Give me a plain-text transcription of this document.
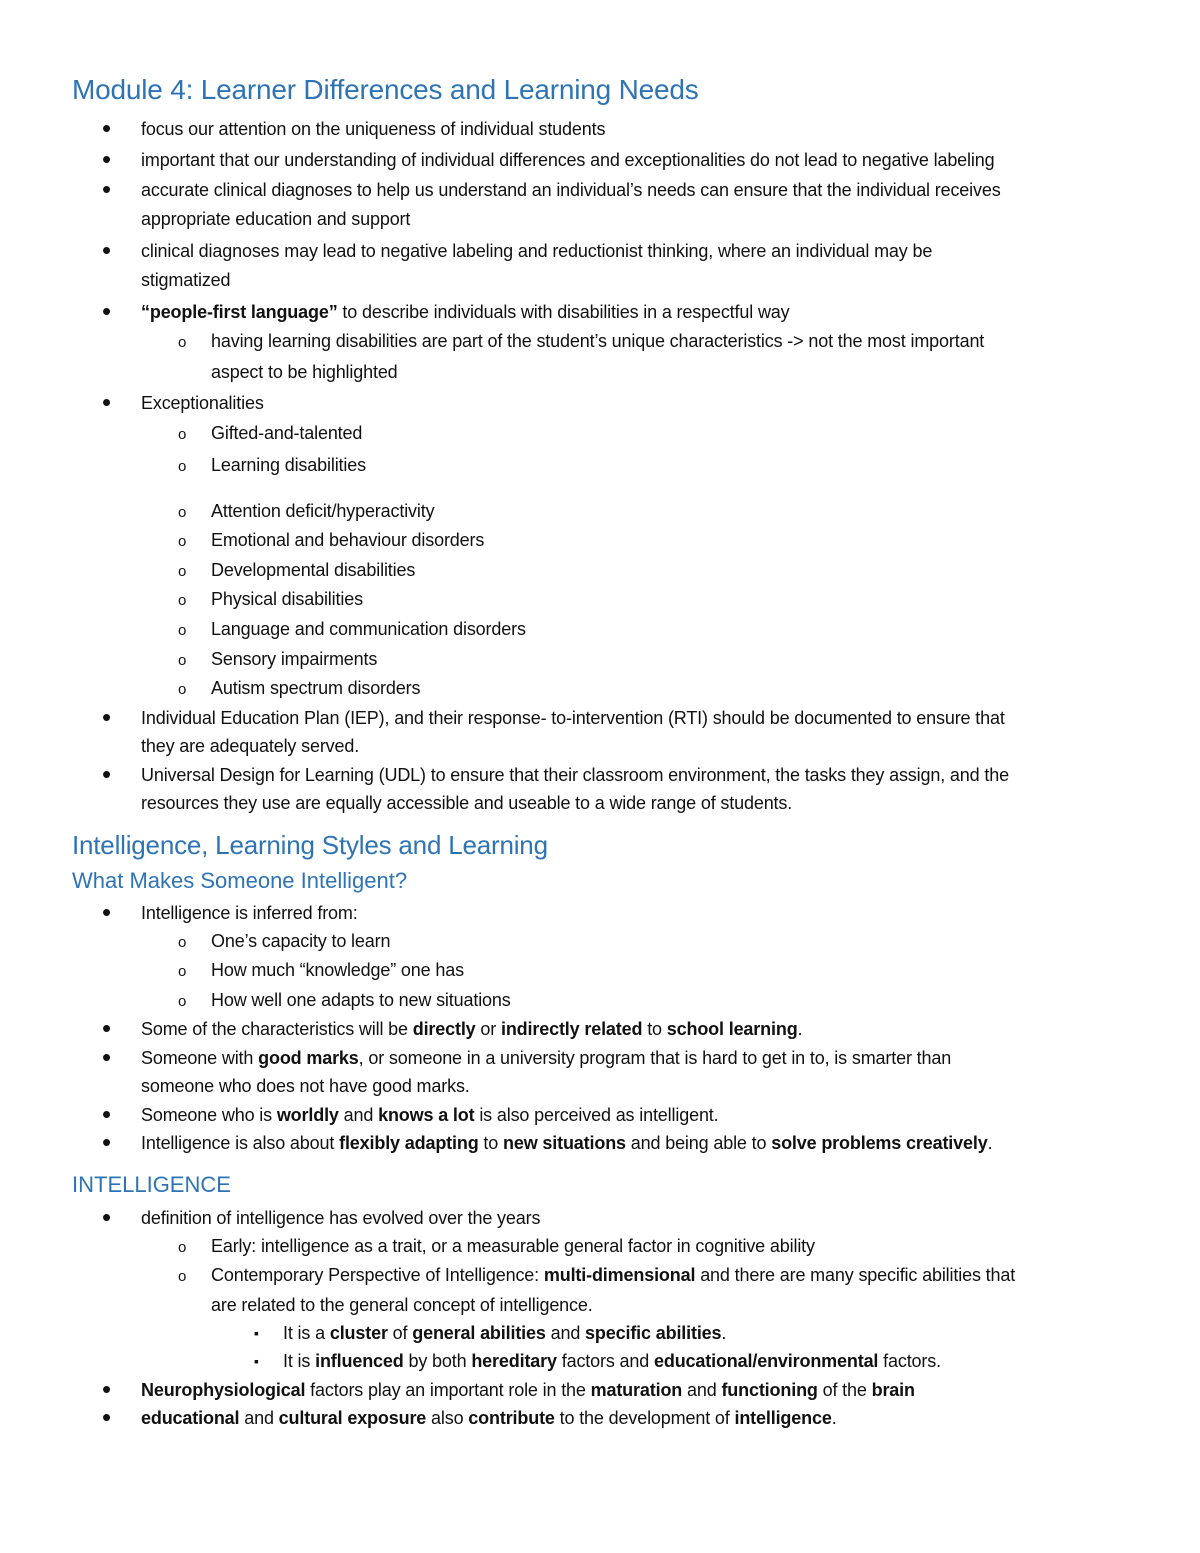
Module 4: Learner Differences and Learning Needs
• focus our attention on the uniqueness of individual students
• important that our understanding of individual differences and exceptionalities do not lead to negative labeling
• accurate clinical diagnoses to help us understand an individual’s needs can ensure that the individual receives
appropriate education and support
• clinical diagnoses may lead to negative labeling and reductionist thinking, where an individual may be
stigmatized
• “people-first language” to describe individuals with disabilities in a respectful way
o having learning disabilities are part of the student’s unique characteristics -> not the most important
aspect to be highlighted
• Exceptionalities
o Gifted-and-talented
o Learning disabilities
o Attention deficit/hyperactivity
o Emotional and behaviour disorders
o Developmental disabilities
o Physical disabilities
o Language and communication disorders
o Sensory impairments
o Autism spectrum disorders
• Individual Education Plan (IEP), and their response- to-intervention (RTI) should be documented to ensure that
they are adequately served.
• Universal Design for Learning (UDL) to ensure that their classroom environment, the tasks they assign, and the
resources they use are equally accessible and useable to a wide range of students.
Intelligence, Learning Styles and Learning
What Makes Someone Intelligent?
• Intelligence is inferred from:
o One’s capacity to learn
o How much “knowledge” one has
o How well one adapts to new situations
• Some of the characteristics will be directly or indirectly related to school learning.
• Someone with good marks, or someone in a university program that is hard to get in to, is smarter than
someone who does not have good marks.
• Someone who is worldly and knows a lot is also perceived as intelligent.
• Intelligence is also about flexibly adapting to new situations and being able to solve problems creatively.
INTELLIGENCE
• definition of intelligence has evolved over the years
o Early: intelligence as a trait, or a measurable general factor in cognitive ability
o Contemporary Perspective of Intelligence: multi-dimensional and there are many specific abilities that
are related to the general concept of intelligence.
▪ It is a cluster of general abilities and specific abilities.
▪ It is influenced by both hereditary factors and educational/environmental factors.
• Neurophysiological factors play an important role in the maturation and functioning of the brain
• educational and cultural exposure also contribute to the development of intelligence.
